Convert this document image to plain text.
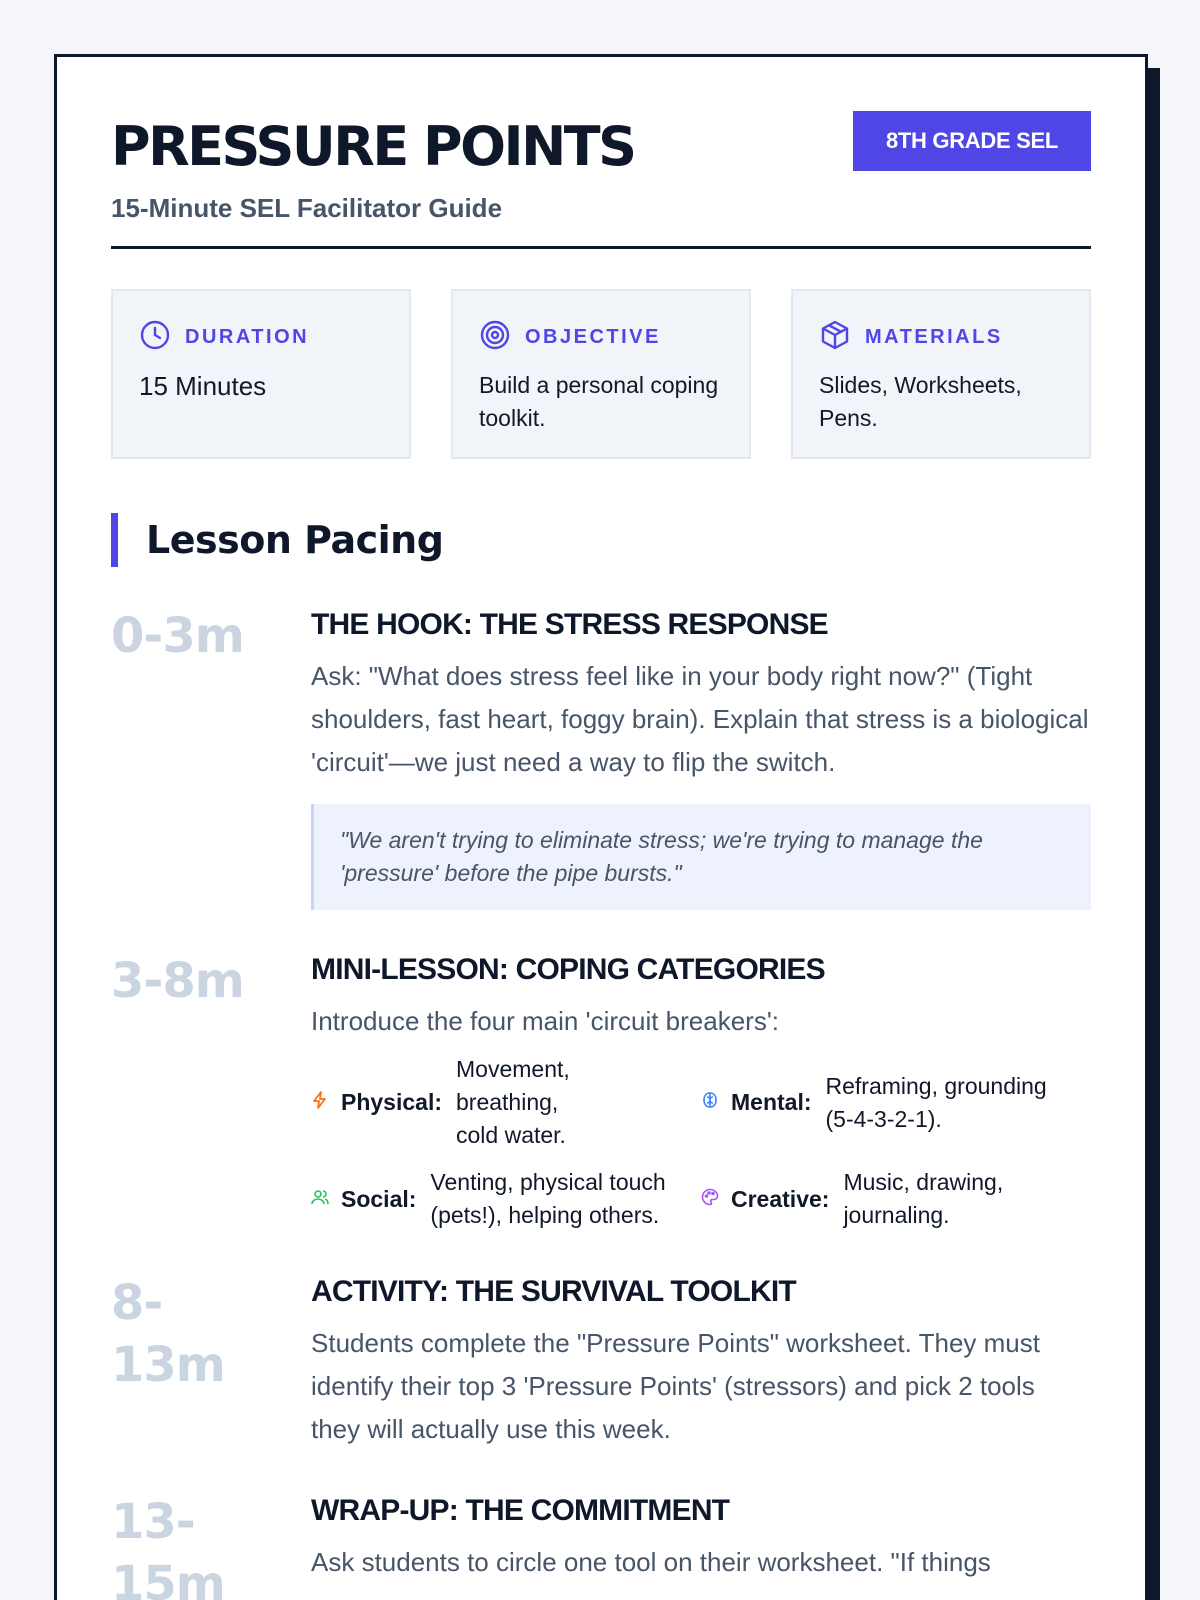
PRESSURE POINTS
15-Minute SEL Facilitator Guide
8TH GRADE SEL
DURATION
15 Minutes
OBJECTIVE
Build a personal coping toolkit.
MATERIALS
Slides, Worksheets, Pens.
Lesson Pacing
0-3m	THE HOOK: THE STRESS RESPONSE
Ask: "What does stress feel like in your body right now?" (Tight shoulders, fast heart, foggy brain). Explain that stress is a biological 'circuit'—we just need a way to flip the switch.
"We aren't trying to eliminate stress; we're trying to manage the 'pressure' before the pipe bursts."
3-8m	MINI-LESSON: COPING CATEGORIES
Introduce the four main 'circuit breakers':
Physical:
Movement, breathing, cold water.
Mental:
Reframing, grounding (5-4-3-2-1).
Social:
Venting, physical touch (pets!), helping others.
Creative:
Music, drawing, journaling.
8-13m
ACTIVITY: THE SURVIVAL TOOLKIT
Students complete the "Pressure Points" worksheet. They must identify their top 3 'Pressure Points' (stressors) and pick 2 tools they will actually use this week.
13-15m
WRAP-UP: THE COMMITMENT
Ask students to circle one tool on their worksheet. "If things
